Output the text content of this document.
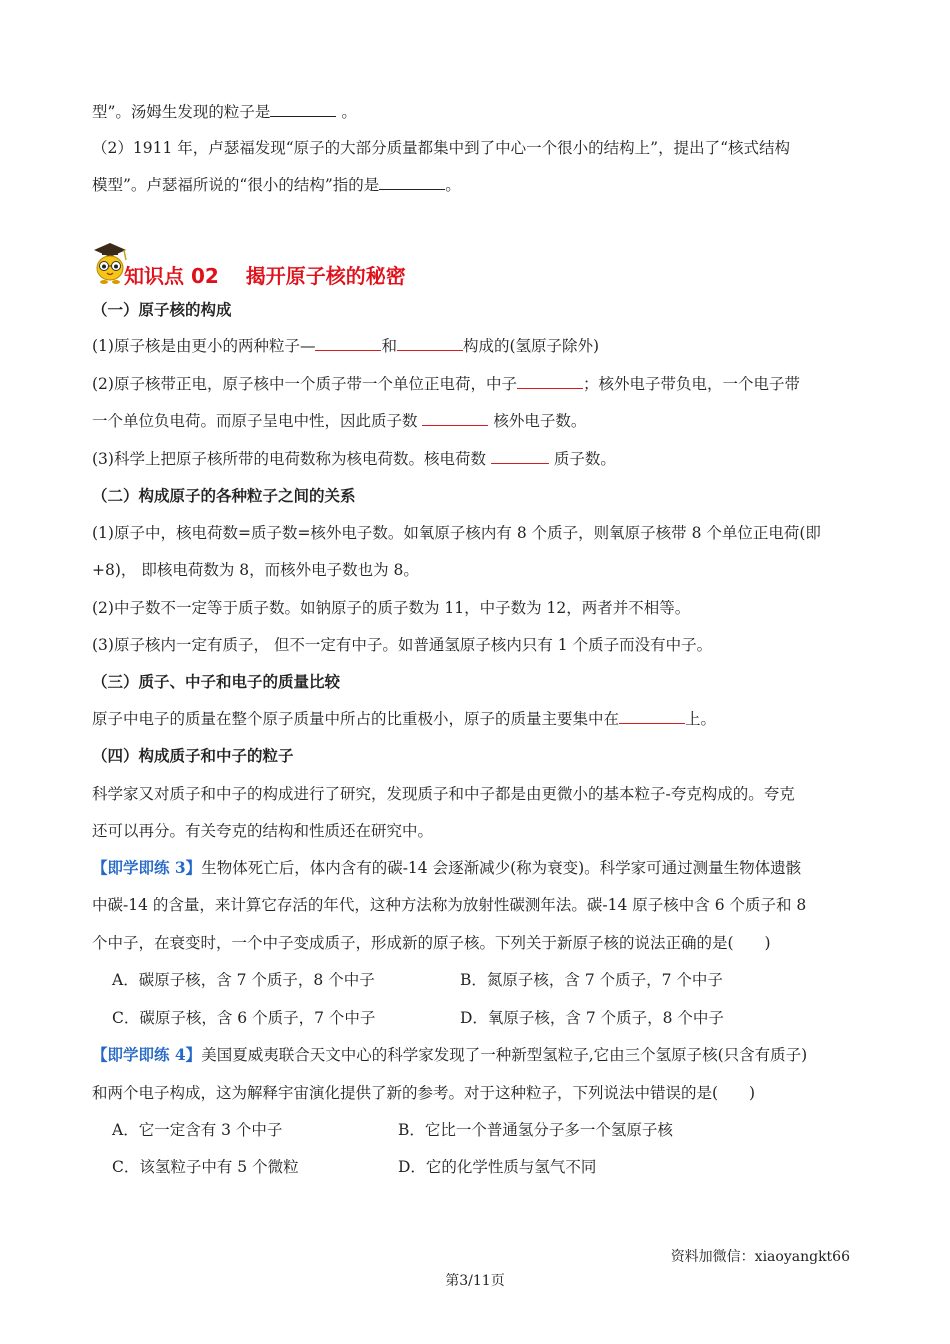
型”。汤姆生发现的粒子是	。
（2）1911 年，卢瑟福发现“原子的大部分质量都集中到了中心一个很小的结构上”，提出了“核式结构
模型”。卢瑟福所说的“很小的结构”指的是	。
知识点 02　 揭开原子核的秘密
（一）原子核的构成
(1)原子核是由更小的两种粒子—	和	构成的(氢原子除外)
(2)原子核带正电，原子核中一个质子带一个单位正电荷，中子	；核外电子带负电，一个电子带
一个单位负电荷。而原子呈电中性，因此质子数	核外电子数。
(3)科学上把原子核所带的电荷数称为核电荷数。核电荷数	质子数。
（二）构成原子的各种粒子之间的关系
(1)原子中，核电荷数=质子数=核外电子数。如氧原子核内有 8 个质子，则氧原子核带 8 个单位正电荷(即
+8)， 即核电荷数为 8，而核外电子数也为 8。
(2)中子数不一定等于质子数。如钠原子的质子数为 11，中子数为 12，两者并不相等。
(3)原子核内一定有质子， 但不一定有中子。如普通氢原子核内只有 1 个质子而没有中子。
（三）质子、中子和电子的质量比较
原子中电子的质量在整个原子质量中所占的比重极小，原子的质量主要集中在	上。
（四）构成质子和中子的粒子
科学家又对质子和中子的构成进行了研究，发现质子和中子都是由更微小的基本粒子-夸克构成的。夸克
还可以再分。有关夸克的结构和性质还在研究中。
【即学即练 3】生物体死亡后，体内含有的碳-14 会逐渐减少(称为衰变)。科学家可通过测量生物体遗骸
中碳-14 的含量，来计算它存活的年代，这种方法称为放射性碳测年法。碳-14 原子核中含 6 个质子和 8
个中子，在衰变时，一个中子变成质子，形成新的原子核。下列关于新原子核的说法正确的是(　　)
A．碳原子核，含 7 个质子，8 个中子	B．氮原子核，含 7 个质子，7 个中子
C．碳原子核，含 6 个质子，7 个中子	D．氧原子核，含 7 个质子，8 个中子
【即学即练 4】美国夏威夷联合天文中心的科学家发现了一种新型氢粒子,它由三个氢原子核(只含有质子)
和两个电子构成，这为解释宇宙演化提供了新的参考。对于这种粒子，下列说法中错误的是(　　)
A．它一定含有 3 个中子	B．它比一个普通氢分子多一个氢原子核
C．该氢粒子中有 5 个微粒	D．它的化学性质与氢气不同
资料加微信：xiaoyangkt66
第3/11页
